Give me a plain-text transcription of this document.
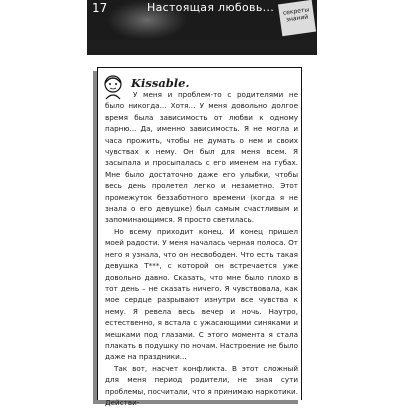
17	Настоящая любовь...	секреты знаний
Kissable.

У меня и проблем-то с родителями не было никогда... Хотя... У меня довольно долгое время была зависимость от любви к одному парню... Да, именно зависимость. Я не могла и часа прожить, чтобы не думать о нем и своих чувствах к нему. Он был для меня всем. Я засыпала и просыпалась с его именем на губах. Мне было достаточно даже его улыбки, чтобы весь день пролетел легко и незаметно. Этот промежуток беззаботного времени (когда я не знала о его девушке) был самым счастливым и запоминающимся. Я просто светилась.

Но всему приходит конец. И конец пришел моей радости. У меня началась черная полоса. От него я узнала, что он несвободен. Что есть такая девушка Т***, с которой он встречается уже довольно давно. Сказать, что мне было плохо в тот день – не сказать ничего. Я чувствовала, как мое сердце разрывают изнутри все чувства к нему. Я ревела весь вечер и ночь. Наутро, естественно, я встала с ужасающими синяками и мешками под глазами. С этого момента я стала плакать в подушку по ночам. Настроение не было даже на праздники...

Так вот, насчет конфликта. В этот сложный для меня период родители, не зная сути проблемы, посчитали, что я принимаю наркотики. Действи-
